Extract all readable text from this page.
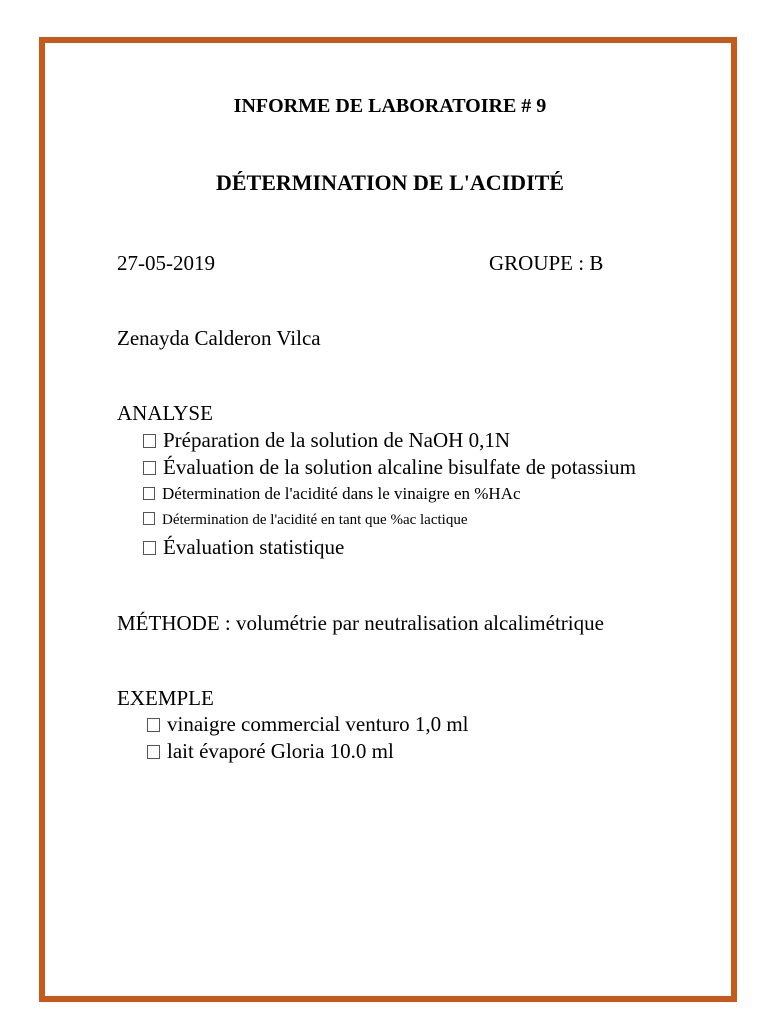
INFORME DE LABORATOIRE # 9
DÉTERMINATION DE L'ACIDITÉ
27-05-2019	GROUPE : B
Zenayda Calderon Vilca
ANALYSE
Préparation de la solution de NaOH 0,1N
Évaluation de la solution alcaline bisulfate de potassium
Détermination de l'acidité dans le vinaigre en %HAc
Détermination de l'acidité en tant que %ac lactique
Évaluation statistique
MÉTHODE : volumétrie par neutralisation alcalimétrique
EXEMPLE
vinaigre commercial venturo 1,0 ml
lait évaporé Gloria 10.0 ml
